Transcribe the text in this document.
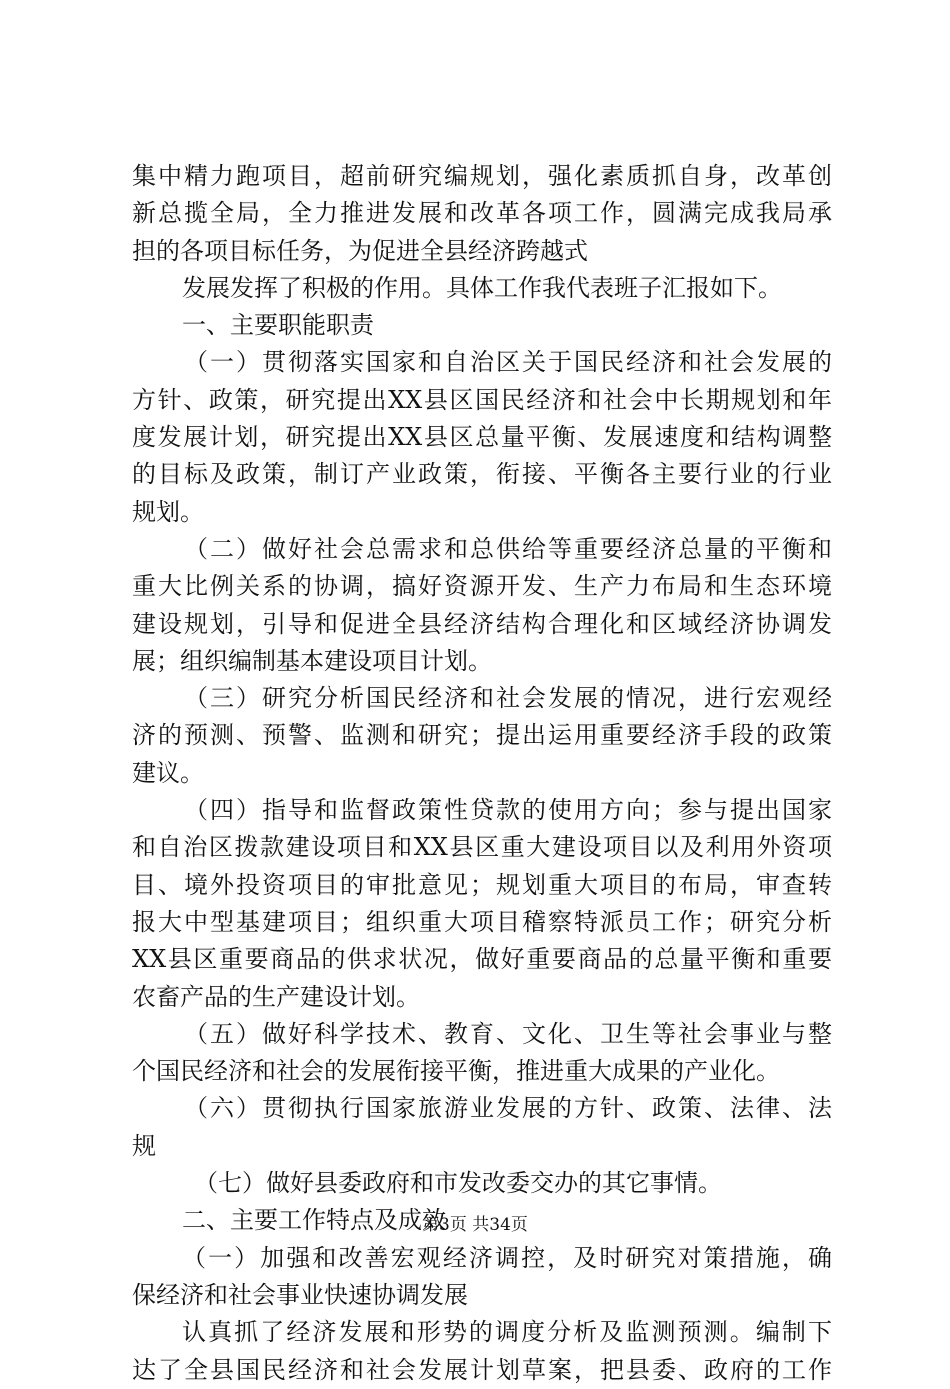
集中精力跑项目，超前研究编规划，强化素质抓自身，改革创
新总揽全局，全力推进发展和改革各项工作，圆满完成我局承
担的各项目标任务，为促进全县经济跨越式
发展发挥了积极的作用。具体工作我代表班子汇报如下。
一、主要职能职责
（一）贯彻落实国家和自治区关于国民经济和社会发展的
方针、政策，研究提出XX县区国民经济和社会中长期规划和年
度发展计划，研究提出XX县区总量平衡、发展速度和结构调整
的目标及政策，制订产业政策，衔接、平衡各主要行业的行业
规划。
（二）做好社会总需求和总供给等重要经济总量的平衡和
重大比例关系的协调，搞好资源开发、生产力布局和生态环境
建设规划，引导和促进全县经济结构合理化和区域经济协调发
展；组织编制基本建设项目计划。
（三）研究分析国民经济和社会发展的情况，进行宏观经
济的预测、预警、监测和研究；提出运用重要经济手段的政策
建议。
（四）指导和监督政策性贷款的使用方向；参与提出国家
和自治区拨款建设项目和XX县区重大建设项目以及利用外资项
目、境外投资项目的审批意见；规划重大项目的布局，审查转
报大中型基建项目；组织重大项目稽察特派员工作；研究分析
XX县区重要商品的供求状况，做好重要商品的总量平衡和重要
农畜产品的生产建设计划。
（五）做好科学技术、教育、文化、卫生等社会事业与整
个国民经济和社会的发展衔接平衡，推进重大成果的产业化。
（六）贯彻执行国家旅游业发展的方针、政策、法律、法
规
（七）做好县委政府和市发改委交办的其它事情。
二、主要工作特点及成效
（一）加强和改善宏观经济调控，及时研究对策措施，确
保经济和社会事业快速协调发展
认真抓了经济发展和形势的调度分析及监测预测。编制下
达了全县国民经济和社会发展计划草案，把县委、政府的工作
第3页 共34页
